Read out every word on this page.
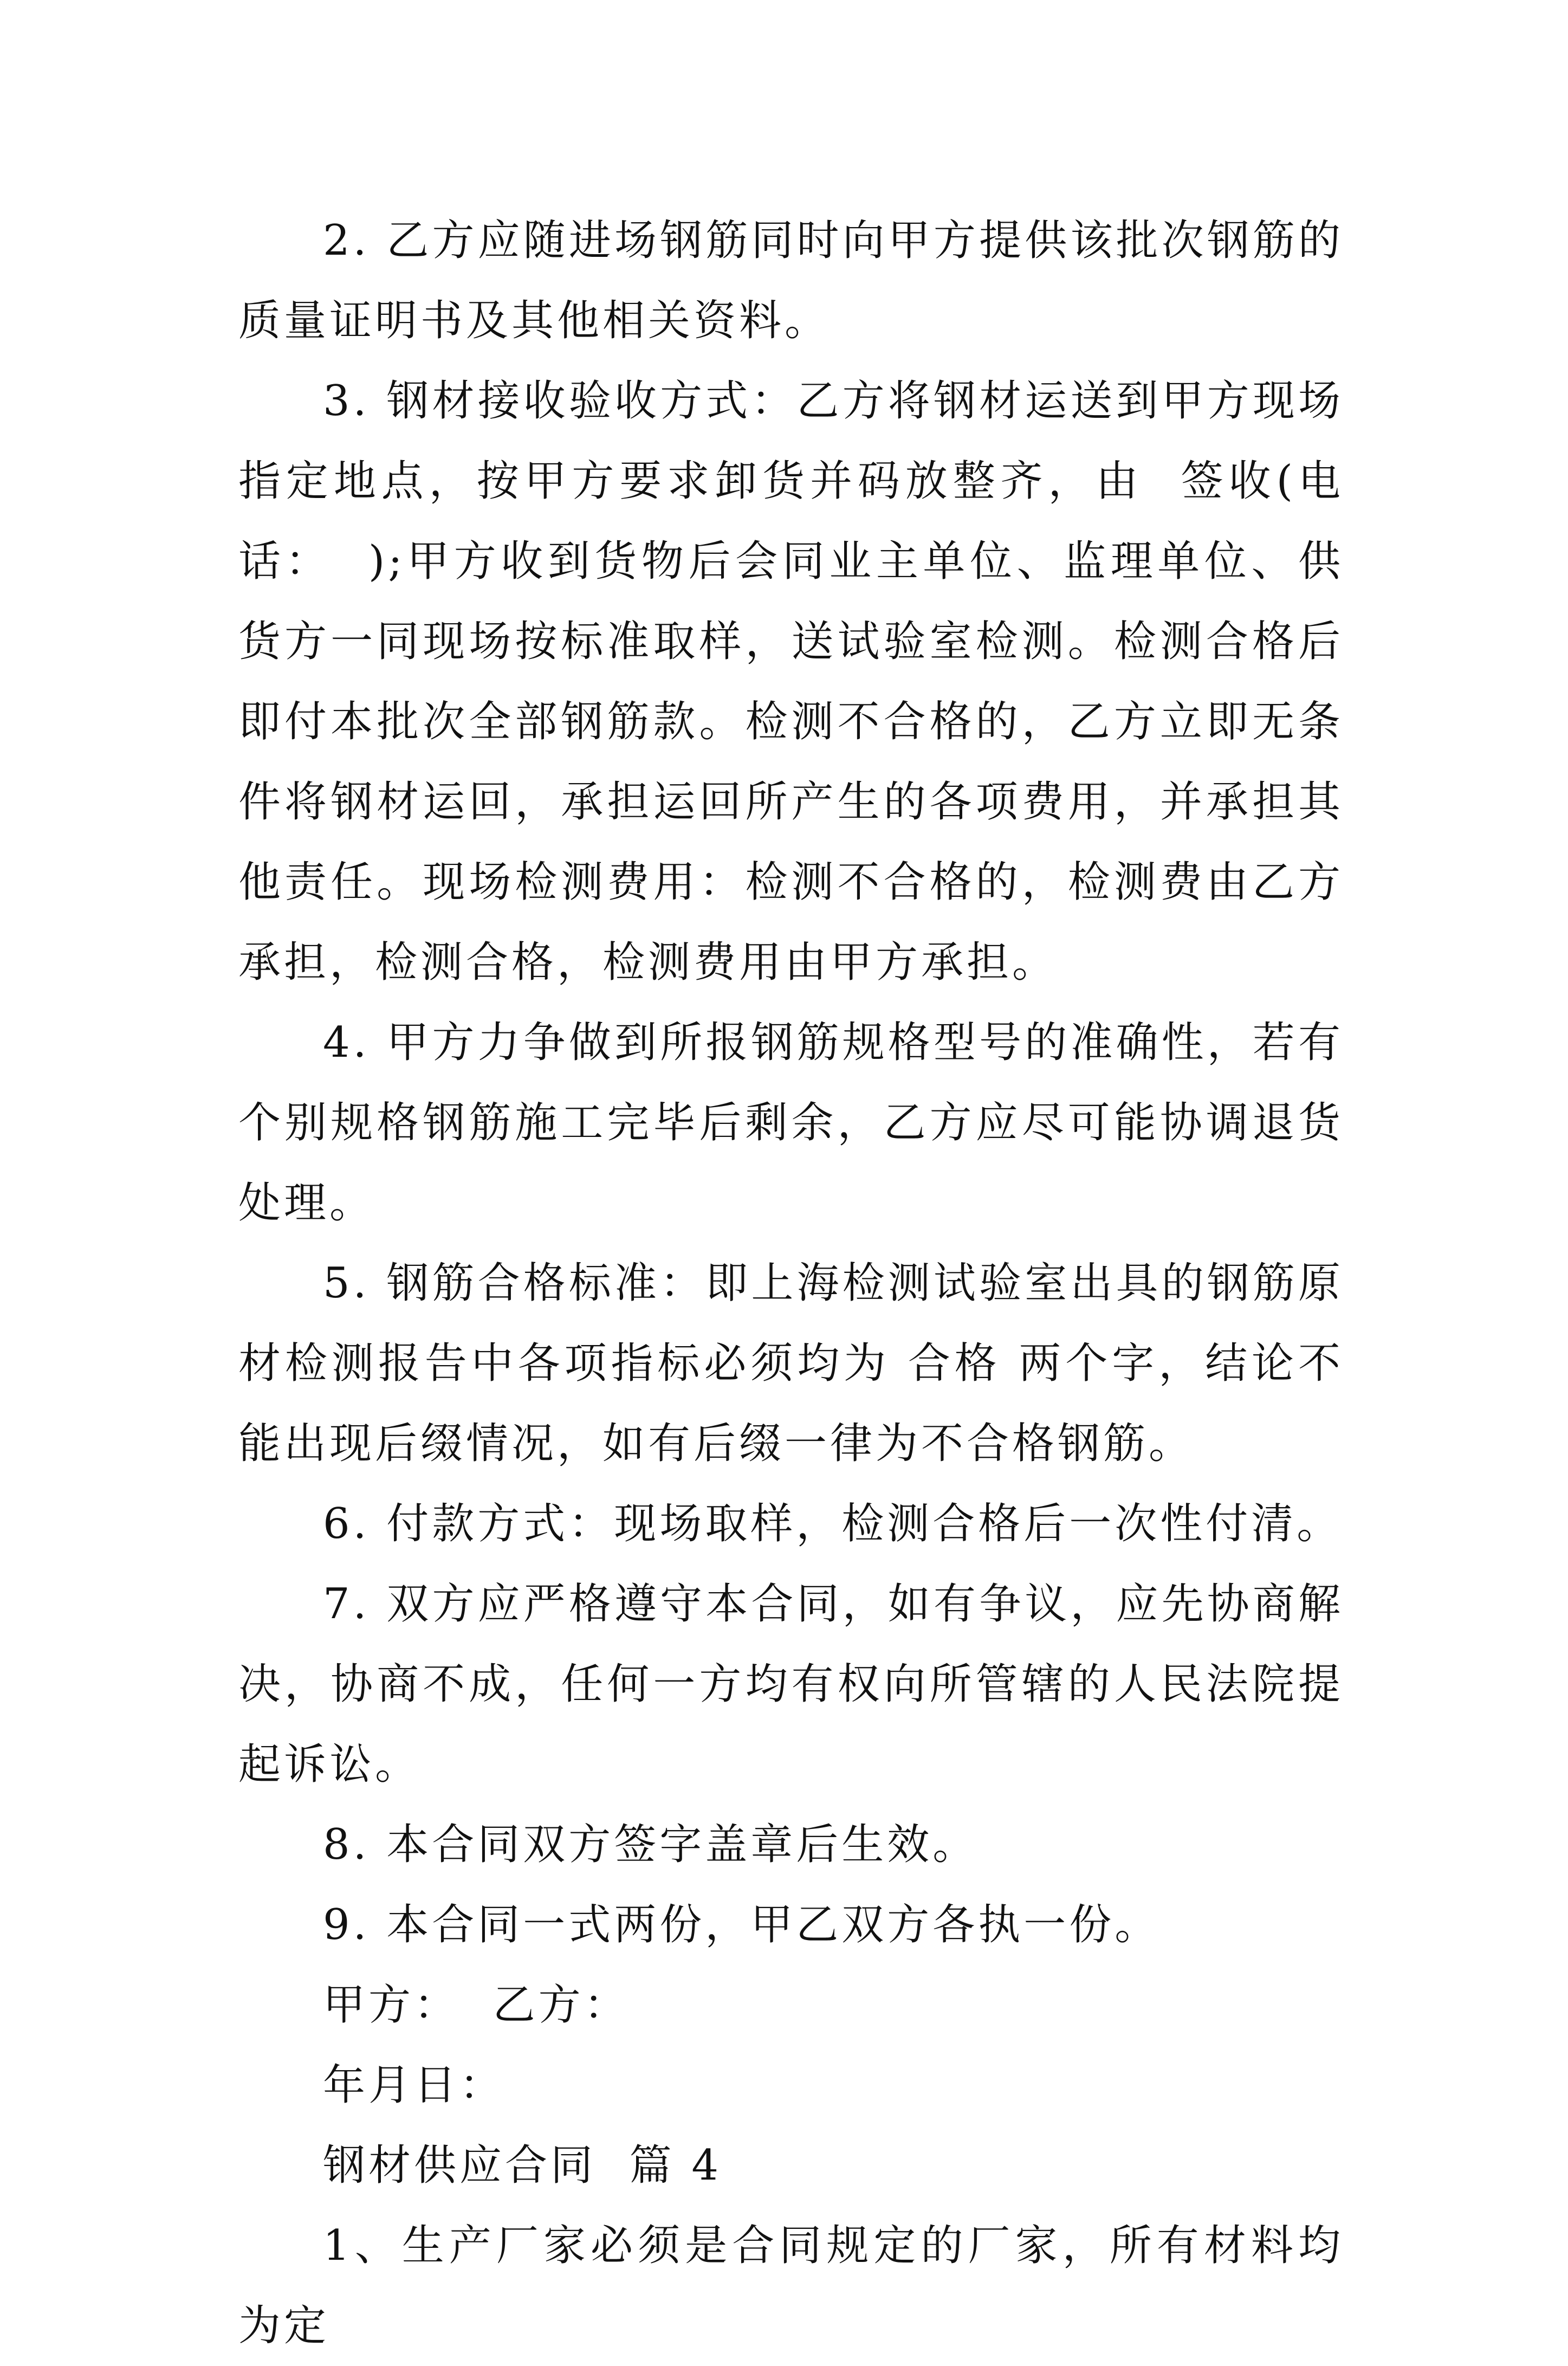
2. 乙方应随进场钢筋同时向甲方提供该批次钢筋的质量证明书及其他相关资料。

3. 钢材接收验收方式：乙方将钢材运送到甲方现场指定地点，按甲方要求卸货并码放整齐，由  签收(电话：  );甲方收到货物后会同业主单位、监理单位、供货方一同现场按标准取样，送试验室检测。检测合格后即付本批次全部钢筋款。检测不合格的，乙方立即无条件将钢材运回，承担运回所产生的各项费用，并承担其他责任。现场检测费用：检测不合格的，检测费由乙方承担，检测合格，检测费用由甲方承担。

4. 甲方力争做到所报钢筋规格型号的准确性，若有个别规格钢筋施工完毕后剩余，乙方应尽可能协调退货处理。

5. 钢筋合格标准：即上海检测试验室出具的钢筋原材检测报告中各项指标必须均为 合格 两个字，结论不能出现后缀情况，如有后缀一律为不合格钢筋。

6. 付款方式：现场取样，检测合格后一次性付清。

7. 双方应严格遵守本合同，如有争议，应先协商解决，协商不成，任何一方均有权向所管辖的人民法院提起诉讼。

8. 本合同双方签字盖章后生效。

9. 本合同一式两份，甲乙双方各执一份。

甲方：  乙方：

年月日：

钢材供应合同  篇 4

1、生产厂家必须是合同规定的厂家，所有材料均为定
